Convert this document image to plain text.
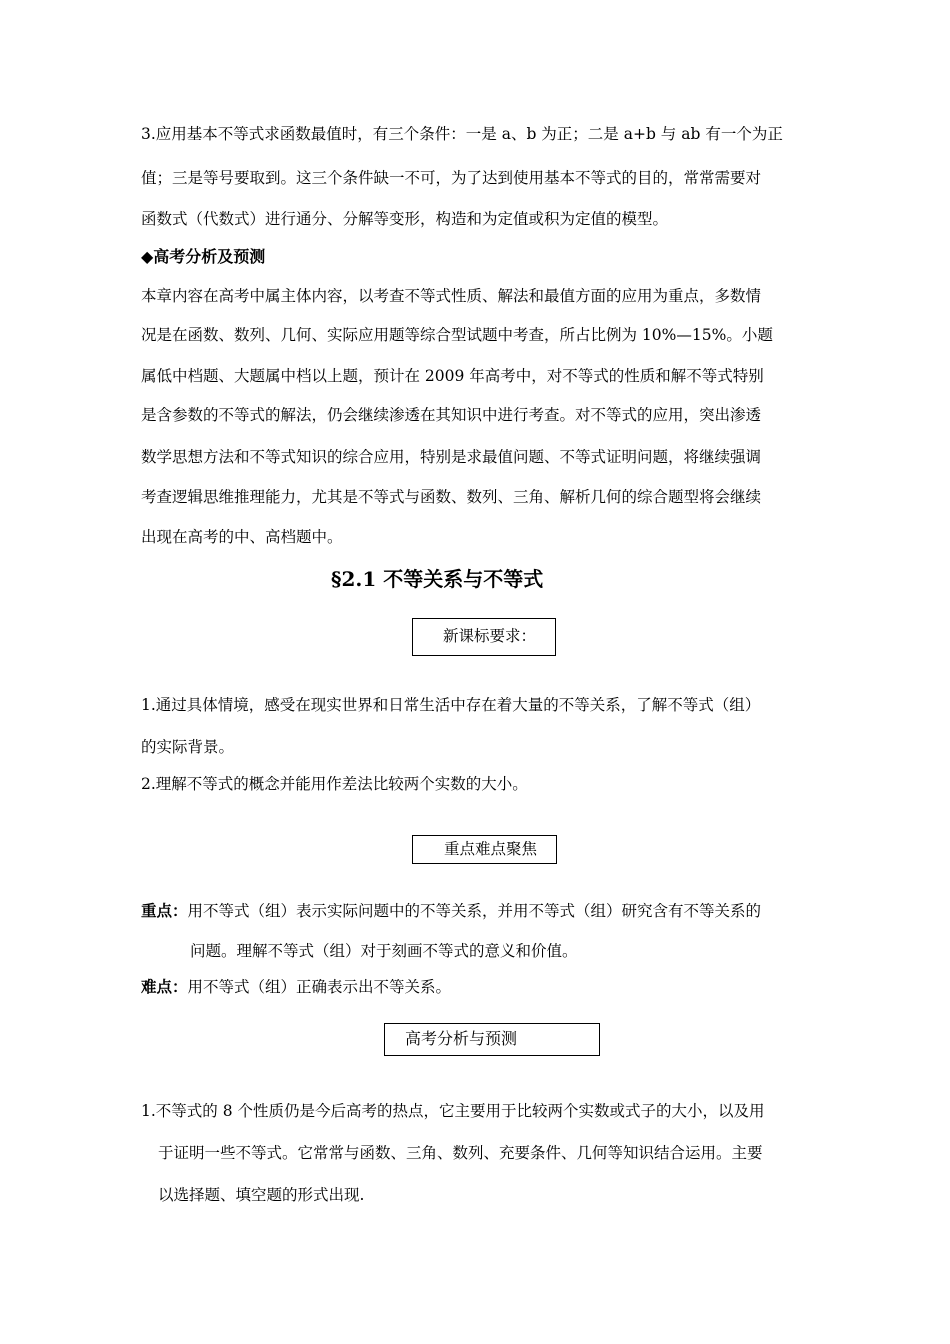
3.应用基本不等式求函数最值时，有三个条件：一是 a、b 为正；二是 a+b 与 ab 有一个为正
值；三是等号要取到。这三个条件缺一不可，为了达到使用基本不等式的目的，常常需要对
函数式（代数式）进行通分、分解等变形，构造和为定值或积为定值的模型。
◆高考分析及预测
本章内容在高考中属主体内容，以考查不等式性质、解法和最值方面的应用为重点，多数情
况是在函数、数列、几何、实际应用题等综合型试题中考查，所占比例为 10%—15%。小题
属低中档题、大题属中档以上题，预计在 2009 年高考中，对不等式的性质和解不等式特别
是含参数的不等式的解法，仍会继续渗透在其知识中进行考查。对不等式的应用，突出渗透
数学思想方法和不等式知识的综合应用，特别是求最值问题、不等式证明问题，将继续强调
考查逻辑思维推理能力，尤其是不等式与函数、数列、三角、解析几何的综合题型将会继续
出现在高考的中、高档题中。
§2.1 不等关系与不等式
新课标要求：
1.通过具体情境，感受在现实世界和日常生活中存在着大量的不等关系，了解不等式（组）
的实际背景。
2.理解不等式的概念并能用作差法比较两个实数的大小。
重点难点聚焦
重点：用不等式（组）表示实际问题中的不等关系，并用不等式（组）研究含有不等关系的
问题。理解不等式（组）对于刻画不等式的意义和价值。
难点：用不等式（组）正确表示出不等关系。
高考分析与预测
1.不等式的 8 个性质仍是今后高考的热点，它主要用于比较两个实数或式子的大小，以及用
于证明一些不等式。它常常与函数、三角、数列、充要条件、几何等知识结合运用。主要
以选择题、填空题的形式出现.
